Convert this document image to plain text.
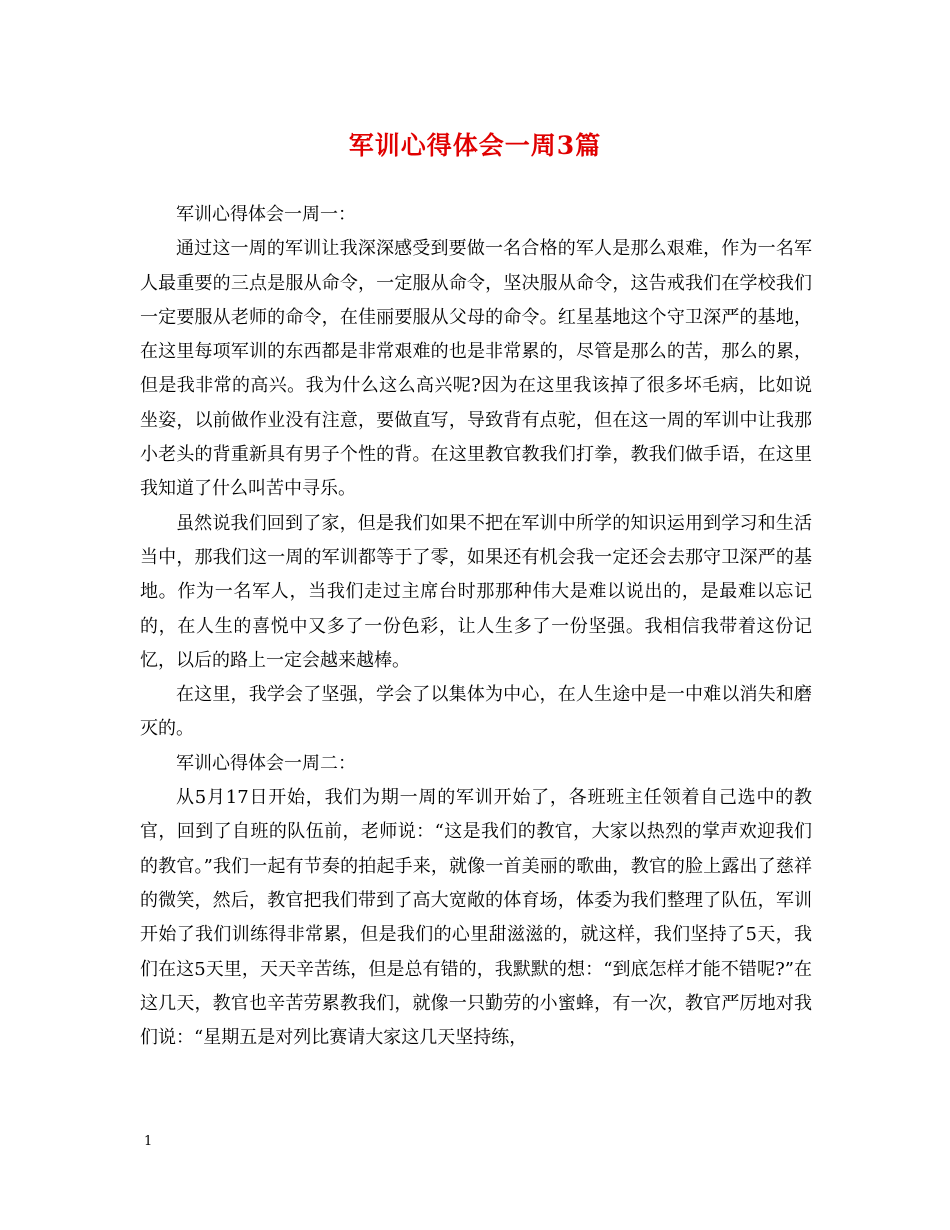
军训心得体会一周3篇

军训心得体会一周一：

通过这一周的军训让我深深感受到要做一名合格的军人是那么艰难，作为一名军人最重要的三点是服从命令，一定服从命令，坚决服从命令，这告戒我们在学校我们一定要服从老师的命令，在佳丽要服从父母的命令。红星基地这个守卫深严的基地，在这里每项军训的东西都是非常艰难的也是非常累的，尽管是那么的苦，那么的累，但是我非常的高兴。我为什么这么高兴呢?因为在这里我该掉了很多坏毛病，比如说坐姿，以前做作业没有注意，要做直写，导致背有点驼，但在这一周的军训中让我那小老头的背重新具有男子个性的背。在这里教官教我们打拳，教我们做手语，在这里我知道了什么叫苦中寻乐。

虽然说我们回到了家，但是我们如果不把在军训中所学的知识运用到学习和生活当中，那我们这一周的军训都等于了零，如果还有机会我一定还会去那守卫深严的基地。作为一名军人，当我们走过主席台时那那种伟大是难以说出的，是最难以忘记的，在人生的喜悦中又多了一份色彩，让人生多了一份坚强。我相信我带着这份记忆，以后的路上一定会越来越棒。

在这里，我学会了坚强，学会了以集体为中心，在人生途中是一中难以消失和磨灭的。

军训心得体会一周二：

从5月17日开始，我们为期一周的军训开始了，各班班主任领着自己选中的教官，回到了自班的队伍前，老师说：“这是我们的教官，大家以热烈的掌声欢迎我们的教官。”我们一起有节奏的拍起手来，就像一首美丽的歌曲，教官的脸上露出了慈祥的微笑，然后，教官把我们带到了高大宽敞的体育场，体委为我们整理了队伍，军训开始了我们训练得非常累，但是我们的心里甜滋滋的，就这样，我们坚持了5天，我们在这5天里，天天辛苦练，但是总有错的，我默默的想：“到底怎样才能不错呢?”在这几天，教官也辛苦劳累教我们，就像一只勤劳的小蜜蜂，有一次，教官严厉地对我们说：“星期五是对列比赛请大家这几天坚持练，

1
